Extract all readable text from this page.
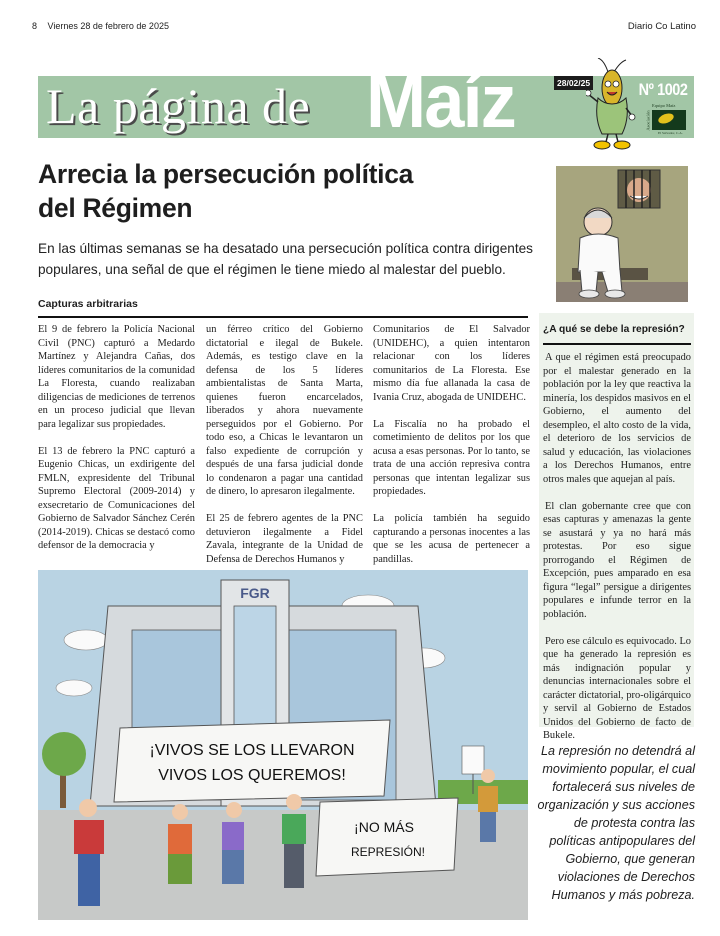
8 Viernes 28 de febrero de 2025	Diario Co Latino
La página de Maíz	28/02/25	Nº 1002
Asociación
Equipo Maíz
El Salvador, C.A.
Arrecia la persecución política
del Régimen

En las últimas semanas se ha desatado una persecución política contra dirigentes populares, una señal de que el régimen le tiene miedo al malestar del pueblo.

Capturas arbitrarias

El 9 de febrero la Policía Nacional Civil (PNC) capturó a Medardo Martínez y Alejandra Cañas, dos líderes comunitarios de la comunidad La Floresta, cuando realizaban diligencias de mediciones de terrenos en un proceso judicial que llevan para legalizar sus propiedades.

El 13 de febrero la PNC capturó a Eugenio Chicas, un exdirigente del FMLN, expresidente del Tribunal Supremo Electoral (2009-2014) y exsecretario de Comunicaciones del Gobierno de Salvador Sánchez Cerén (2014-2019). Chicas se destacó como defensor de la democracia y

un férreo crítico del Gobierno dictatorial e ilegal de Bukele. Además, es testigo clave en la defensa de los 5 líderes ambientalistas de Santa Marta, quienes fueron encarcelados, liberados y ahora nuevamente perseguidos por el Gobierno. Por todo eso, a Chicas le levantaron un falso expediente de corrupción y después de una farsa judicial donde lo condenaron a pagar una cantidad de dinero, lo apresaron ilegalmente.

El 25 de febrero agentes de la PNC detuvieron ilegalmente a Fidel Zavala, integrante de la Unidad de Defensa de Derechos Humanos y

Comunitarios de El Salvador (UNIDEHC), a quien intentaron relacionar con los líderes comunitarios de La Floresta. Ese mismo día fue allanada la casa de Ivania Cruz, abogada de UNIDEHC.

La Fiscalía no ha probado el cometimiento de delitos por los que acusa a esas personas. Por lo tanto, se trata de una acción represiva contra personas que intentan legalizar sus propiedades.

La policía también ha seguido capturando a personas inocentes a las que se les acusa de pertenecer a pandillas.

¿A qué se debe la represión?

A que el régimen está preocupado por el malestar generado en la población por la ley que reactiva la minería, los despidos masivos en el Gobierno, el aumento del desempleo, el alto costo de la vida, el deterioro de los servicios de salud y educación, las violaciones a los Derechos Humanos, entre otros males que aquejan al país.

El clan gobernante cree que con esas capturas y amenazas la gente se asustará y ya no hará más protestas. Por eso sigue prorrogando el Régimen de Excepción, pues amparado en esa figura “legal” persigue a dirigentes populares e infunde terror en la población.

Pero ese cálculo es equivocado. Lo que ha generado la represión es más indignación popular y denuncias internacionales sobre el carácter dictatorial, pro-oligárquico y servil al Gobierno de Estados Unidos del Gobierno de facto de Bukele.

La represión no detendrá al movimiento popular, el cual fortalecerá sus niveles de organización y sus acciones de protesta contra las políticas antipopulares del Gobierno, que generan violaciones de Derechos Humanos y más pobreza.

FGR
¡VIVOS SE LOS LLEVARON
VIVOS LOS QUEREMOS!
¡NO MÁS
REPRESIÓN!
